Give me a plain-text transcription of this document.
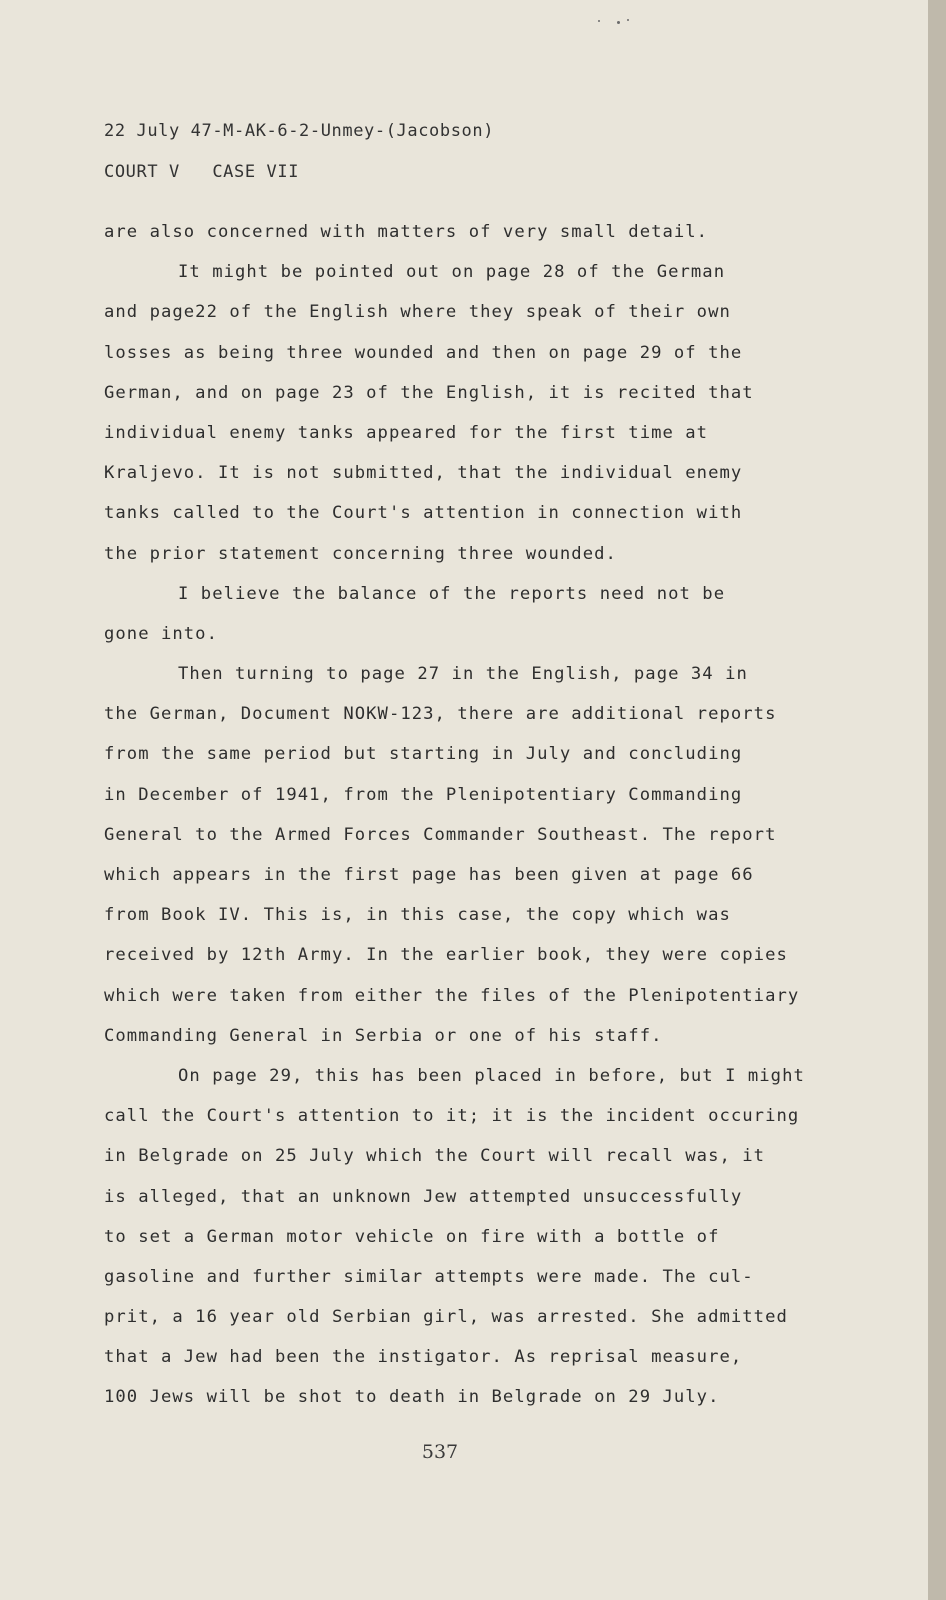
22 July 47-M-AK-6-2-Unmey-(Jacobson)
COURT V   CASE VII
are also concerned with matters of very small detail.
It might be pointed out on page 28 of the German
and page22 of the English where they speak of their own
losses as being three wounded and then on page 29 of the
German, and on page 23 of the English, it is recited that
individual enemy tanks appeared for the first time at
Kraljevo. It is not submitted, that the individual enemy
tanks called to the Court's attention in connection with
the prior statement concerning three wounded.
I believe the balance of the reports need not be
gone into.
Then turning to page 27 in the English, page 34 in
the German, Document NOKW-123, there are additional reports
from the same period but starting in July and concluding
in December of 1941, from the Plenipotentiary Commanding
General to the Armed Forces Commander Southeast. The report
which appears in the first page has been given at page 66
from Book IV. This is, in this case, the copy which was
received by 12th Army. In the earlier book, they were copies
which were taken from either the files of the Plenipotentiary
Commanding General in Serbia or one of his staff.
On page 29, this has been placed in before, but I might
call the Court's attention to it; it is the incident occuring
in Belgrade on 25 July which the Court will recall was, it
is alleged, that an unknown Jew attempted unsuccessfully
to set a German motor vehicle on fire with a bottle of
gasoline and further similar attempts were made. The cul-
prit, a 16 year old Serbian girl, was arrested. She admitted
that a Jew had been the instigator. As reprisal measure,
100 Jews will be shot to death in Belgrade on 29 July.
537
